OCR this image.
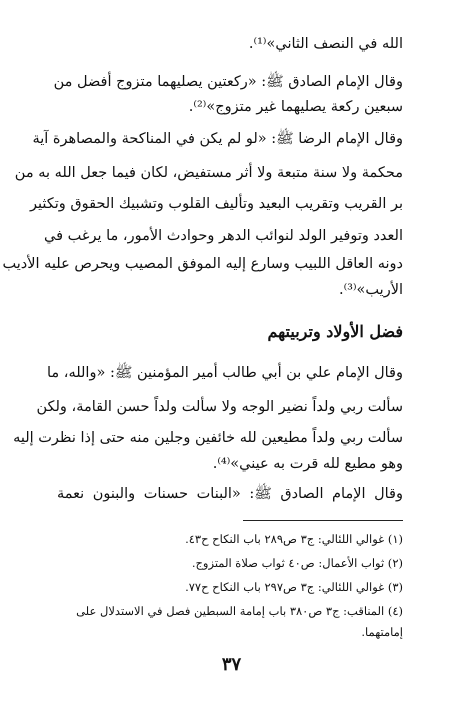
الله في النصف الثاني»⁽¹⁾.
وقال الإمام الصادق ﷺ: «ركعتين يصليهما متزوج أفضل من
سبعين ركعة يصليهما غير متزوج»⁽²⁾.
وقال الإمام الرضا ﷺ: «لو لم يكن في المناكحة والمصاهرة آية
محكمة ولا سنة متبعة ولا أثر مستفيض، لكان فيما جعل الله به من
بر القريب وتقريب البعيد وتأليف القلوب وتشبيك الحقوق وتكثير
العدد وتوفير الولد لنوائب الدهر وحوادث الأمور، ما يرغب في
دونه العاقل اللبيب وسارع إليه الموفق المصيب ويحرص عليه الأديب
الأريب»⁽³⁾.
فضل الأولاد وتربيتهم
وقال الإمام علي بن أبي طالب أمير المؤمنين ﷺ: «والله، ما
سألت ربي ولداً نضير الوجه ولا سألت ولداً حسن القامة، ولكن
سألت ربي ولداً مطيعين لله خائفين وجلين منه حتى إذا نظرت إليه
وهو مطيع لله قرت به عيني»⁽⁴⁾.
وقال الإمام الصادق ﷺ: «البنات حسنات والبنون نعمة
(١) غوالي اللئالي: ج٣ ص٢٨٩ باب النكاح ح٤٣.
(٢) ثواب الأعمال: ص٤٠ ثواب صلاة المتزوج.
(٣) غوالي اللئالي: ج٣ ص٢٩٧ باب النكاح ح٧٧.
(٤) المناقب: ج٣ ص٣٨٠ باب إمامة السبطين فصل في الاستدلال على
إمامتهما.
٣٧
